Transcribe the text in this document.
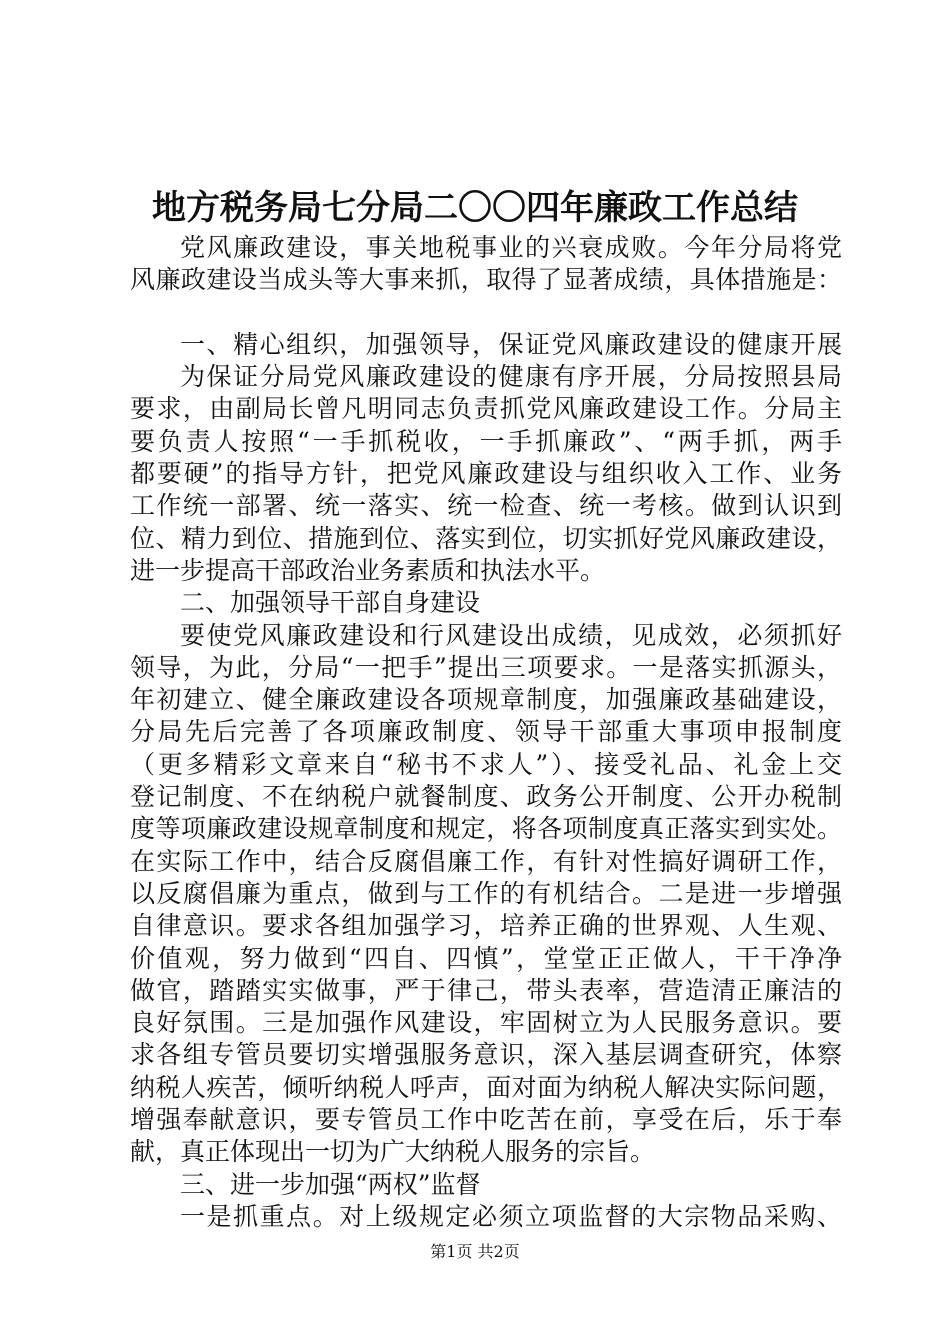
地方税务局七分局二〇〇四年廉政工作总结
党风廉政建设，事关地税事业的兴衰成败。今年分局将党
风廉政建设当成头等大事来抓，取得了显著成绩，具体措施是：
一、精心组织，加强领导，保证党风廉政建设的健康开展
为保证分局党风廉政建设的健康有序开展，分局按照县局
要求，由副局长曾凡明同志负责抓党风廉政建设工作。分局主
要负责人按照“一手抓税收，一手抓廉政”、“两手抓，两手
都要硬”的指导方针，把党风廉政建设与组织收入工作、业务
工作统一部署、统一落实、统一检查、统一考核。做到认识到
位、精力到位、措施到位、落实到位，切实抓好党风廉政建设，
进一步提高干部政治业务素质和执法水平。
二、加强领导干部自身建设
要使党风廉政建设和行风建设出成绩，见成效，必须抓好
领导，为此，分局“一把手”提出三项要求。一是落实抓源头，
年初建立、健全廉政建设各项规章制度，加强廉政基础建设，
分局先后完善了各项廉政制度、领导干部重大事项申报制度
（更多精彩文章来自“秘书不求人”）、接受礼品、礼金上交
登记制度、不在纳税户就餐制度、政务公开制度、公开办税制
度等项廉政建设规章制度和规定，将各项制度真正落实到实处。
在实际工作中，结合反腐倡廉工作，有针对性搞好调研工作，
以反腐倡廉为重点，做到与工作的有机结合。二是进一步增强
自律意识。要求各组加强学习，培养正确的世界观、人生观、
价值观，努力做到“四自、四慎”，堂堂正正做人，干干净净
做官，踏踏实实做事，严于律己，带头表率，营造清正廉洁的
良好氛围。三是加强作风建设，牢固树立为人民服务意识。要
求各组专管员要切实增强服务意识，深入基层调查研究，体察
纳税人疾苦，倾听纳税人呼声，面对面为纳税人解决实际问题，
增强奉献意识，要专管员工作中吃苦在前，享受在后，乐于奉
献，真正体现出一切为广大纳税人服务的宗旨。
三、进一步加强“两权”监督
一是抓重点。对上级规定必须立项监督的大宗物品采购、
第1页 共2页
